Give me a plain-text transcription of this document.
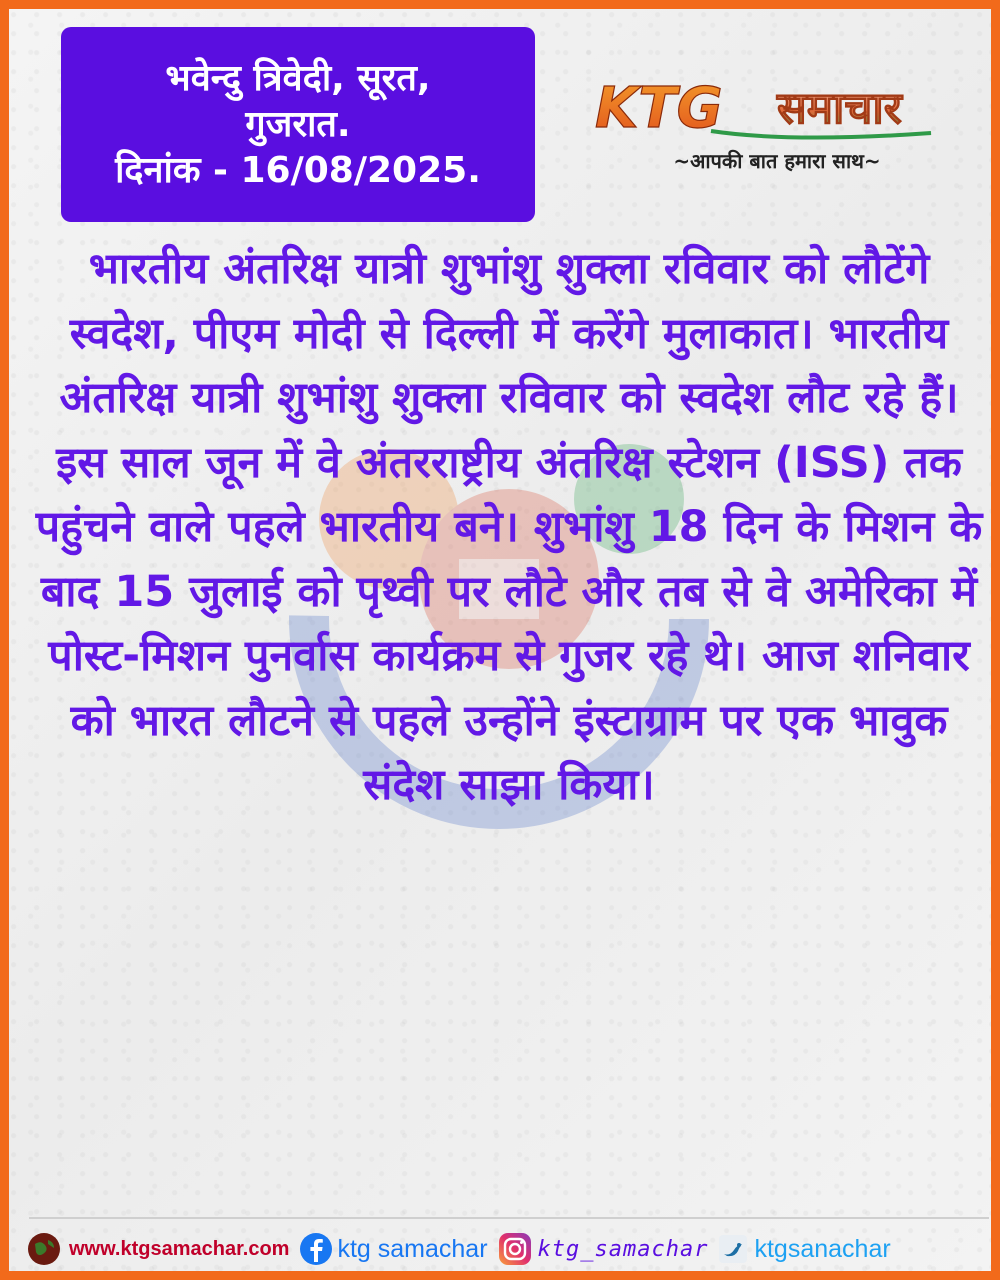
भवेन्दु त्रिवेदी, सूरत,
गुजरात.
दिनांक - 16/08/2025.
KTG समाचार
~आपकी बात हमारा साथ~
भारतीय अंतरिक्ष यात्री शुभांशु शुक्ला रविवार को लौटेंगे स्वदेश, पीएम मोदी से दिल्ली में करेंगे मुलाकात। भारतीय अंतरिक्ष यात्री शुभांशु शुक्ला रविवार को स्वदेश लौट रहे हैं। इस साल जून में वे अंतरराष्ट्रीय अंतरिक्ष स्टेशन (ISS) तक पहुंचने वाले पहले भारतीय बने। शुभांशु 18 दिन के मिशन के बाद 15 जुलाई को पृथ्वी पर लौटे और तब से वे अमेरिका में पोस्ट-मिशन पुनर्वास कार्यक्रम से गुजर रहे थे। आज शनिवार को भारत लौटने से पहले उन्होंने इंस्टाग्राम पर एक भावुक संदेश साझा किया।
www.ktgsamachar.com ktg samachar ktg_samachar ktgsanachar
